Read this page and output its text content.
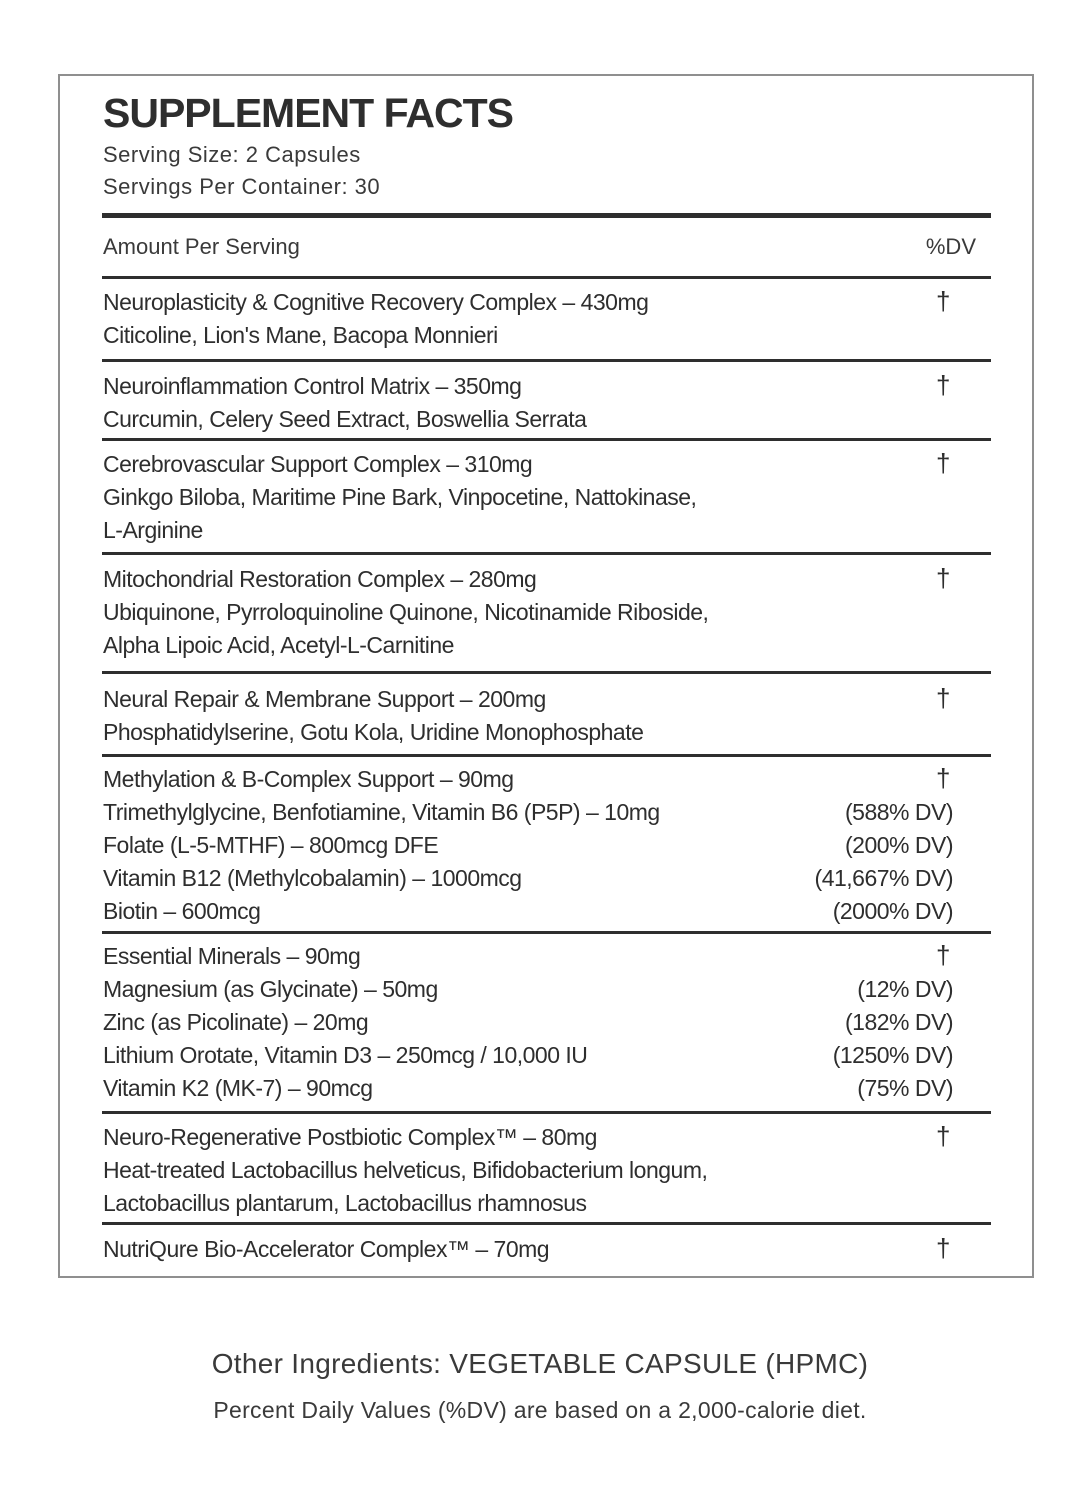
SUPPLEMENT FACTS
Serving Size: 2 Capsules
Servings Per Container: 30
Amount Per Serving	%DV
Neuroplasticity & Cognitive Recovery Complex – 430mg	†
Citicoline, Lion's Mane, Bacopa Monnieri
Neuroinflammation Control Matrix – 350mg	†
Curcumin, Celery Seed Extract, Boswellia Serrata
Cerebrovascular Support Complex – 310mg	†
Ginkgo Biloba, Maritime Pine Bark, Vinpocetine, Nattokinase,
L-Arginine
Mitochondrial Restoration Complex – 280mg	†
Ubiquinone, Pyrroloquinoline Quinone, Nicotinamide Riboside,
Alpha Lipoic Acid, Acetyl-L-Carnitine
Neural Repair & Membrane Support – 200mg	†
Phosphatidylserine, Gotu Kola, Uridine Monophosphate
Methylation & B-Complex Support – 90mg	†
Trimethylglycine, Benfotiamine, Vitamin B6 (P5P) – 10mg	(588% DV)
Folate (L-5-MTHF) – 800mcg DFE	(200% DV)
Vitamin B12 (Methylcobalamin) – 1000mcg	(41,667% DV)
Biotin – 600mcg	(2000% DV)
Essential Minerals – 90mg	†
Magnesium (as Glycinate) – 50mg	(12% DV)
Zinc (as Picolinate) – 20mg	(182% DV)
Lithium Orotate, Vitamin D3 – 250mcg / 10,000 IU	(1250% DV)
Vitamin K2 (MK-7) – 90mcg	(75% DV)
Neuro-Regenerative Postbiotic Complex™ – 80mg	†
Heat-treated Lactobacillus helveticus, Bifidobacterium longum,
Lactobacillus plantarum, Lactobacillus rhamnosus
NutriQure Bio-Accelerator Complex™ – 70mg	†
Other Ingredients: VEGETABLE CAPSULE (HPMC)
Percent Daily Values (%DV) are based on a 2,000-calorie diet.
